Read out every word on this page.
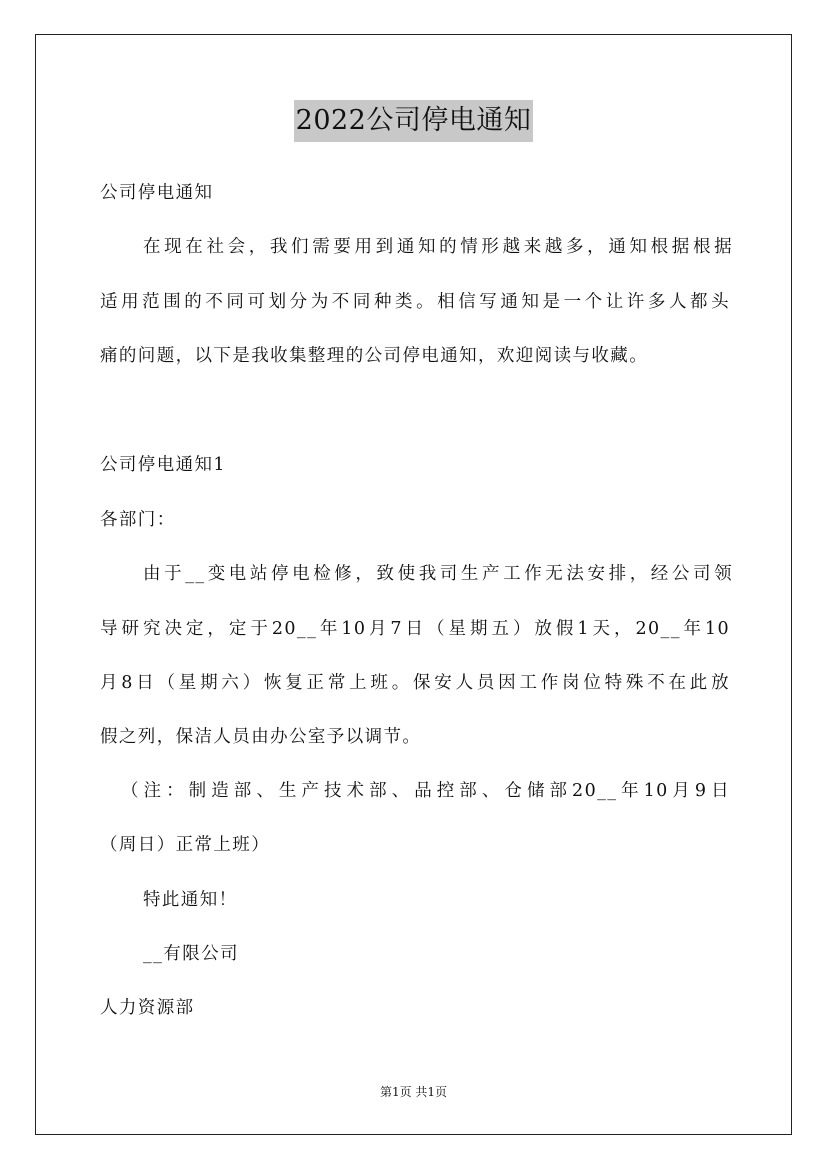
2022公司停电通知
公司停电通知
在现在社会，我们需要用到通知的情形越来越多，通知根据根据
适用范围的不同可划分为不同种类。相信写通知是一个让许多人都头
痛的问题，以下是我收集整理的公司停电通知，欢迎阅读与收藏。
公司停电通知1
各部门：
由于__变电站停电检修，致使我司生产工作无法安排，经公司领
导研究决定，定于20__年10月7日（星期五）放假1天，20__年10
月8日（星期六）恢复正常上班。保安人员因工作岗位特殊不在此放
假之列，保洁人员由办公室予以调节。
（注：制造部、生产技术部、品控部、仓储部20__年10月9日
（周日）正常上班）
特此通知！
__有限公司
人力资源部
第1页 共1页
